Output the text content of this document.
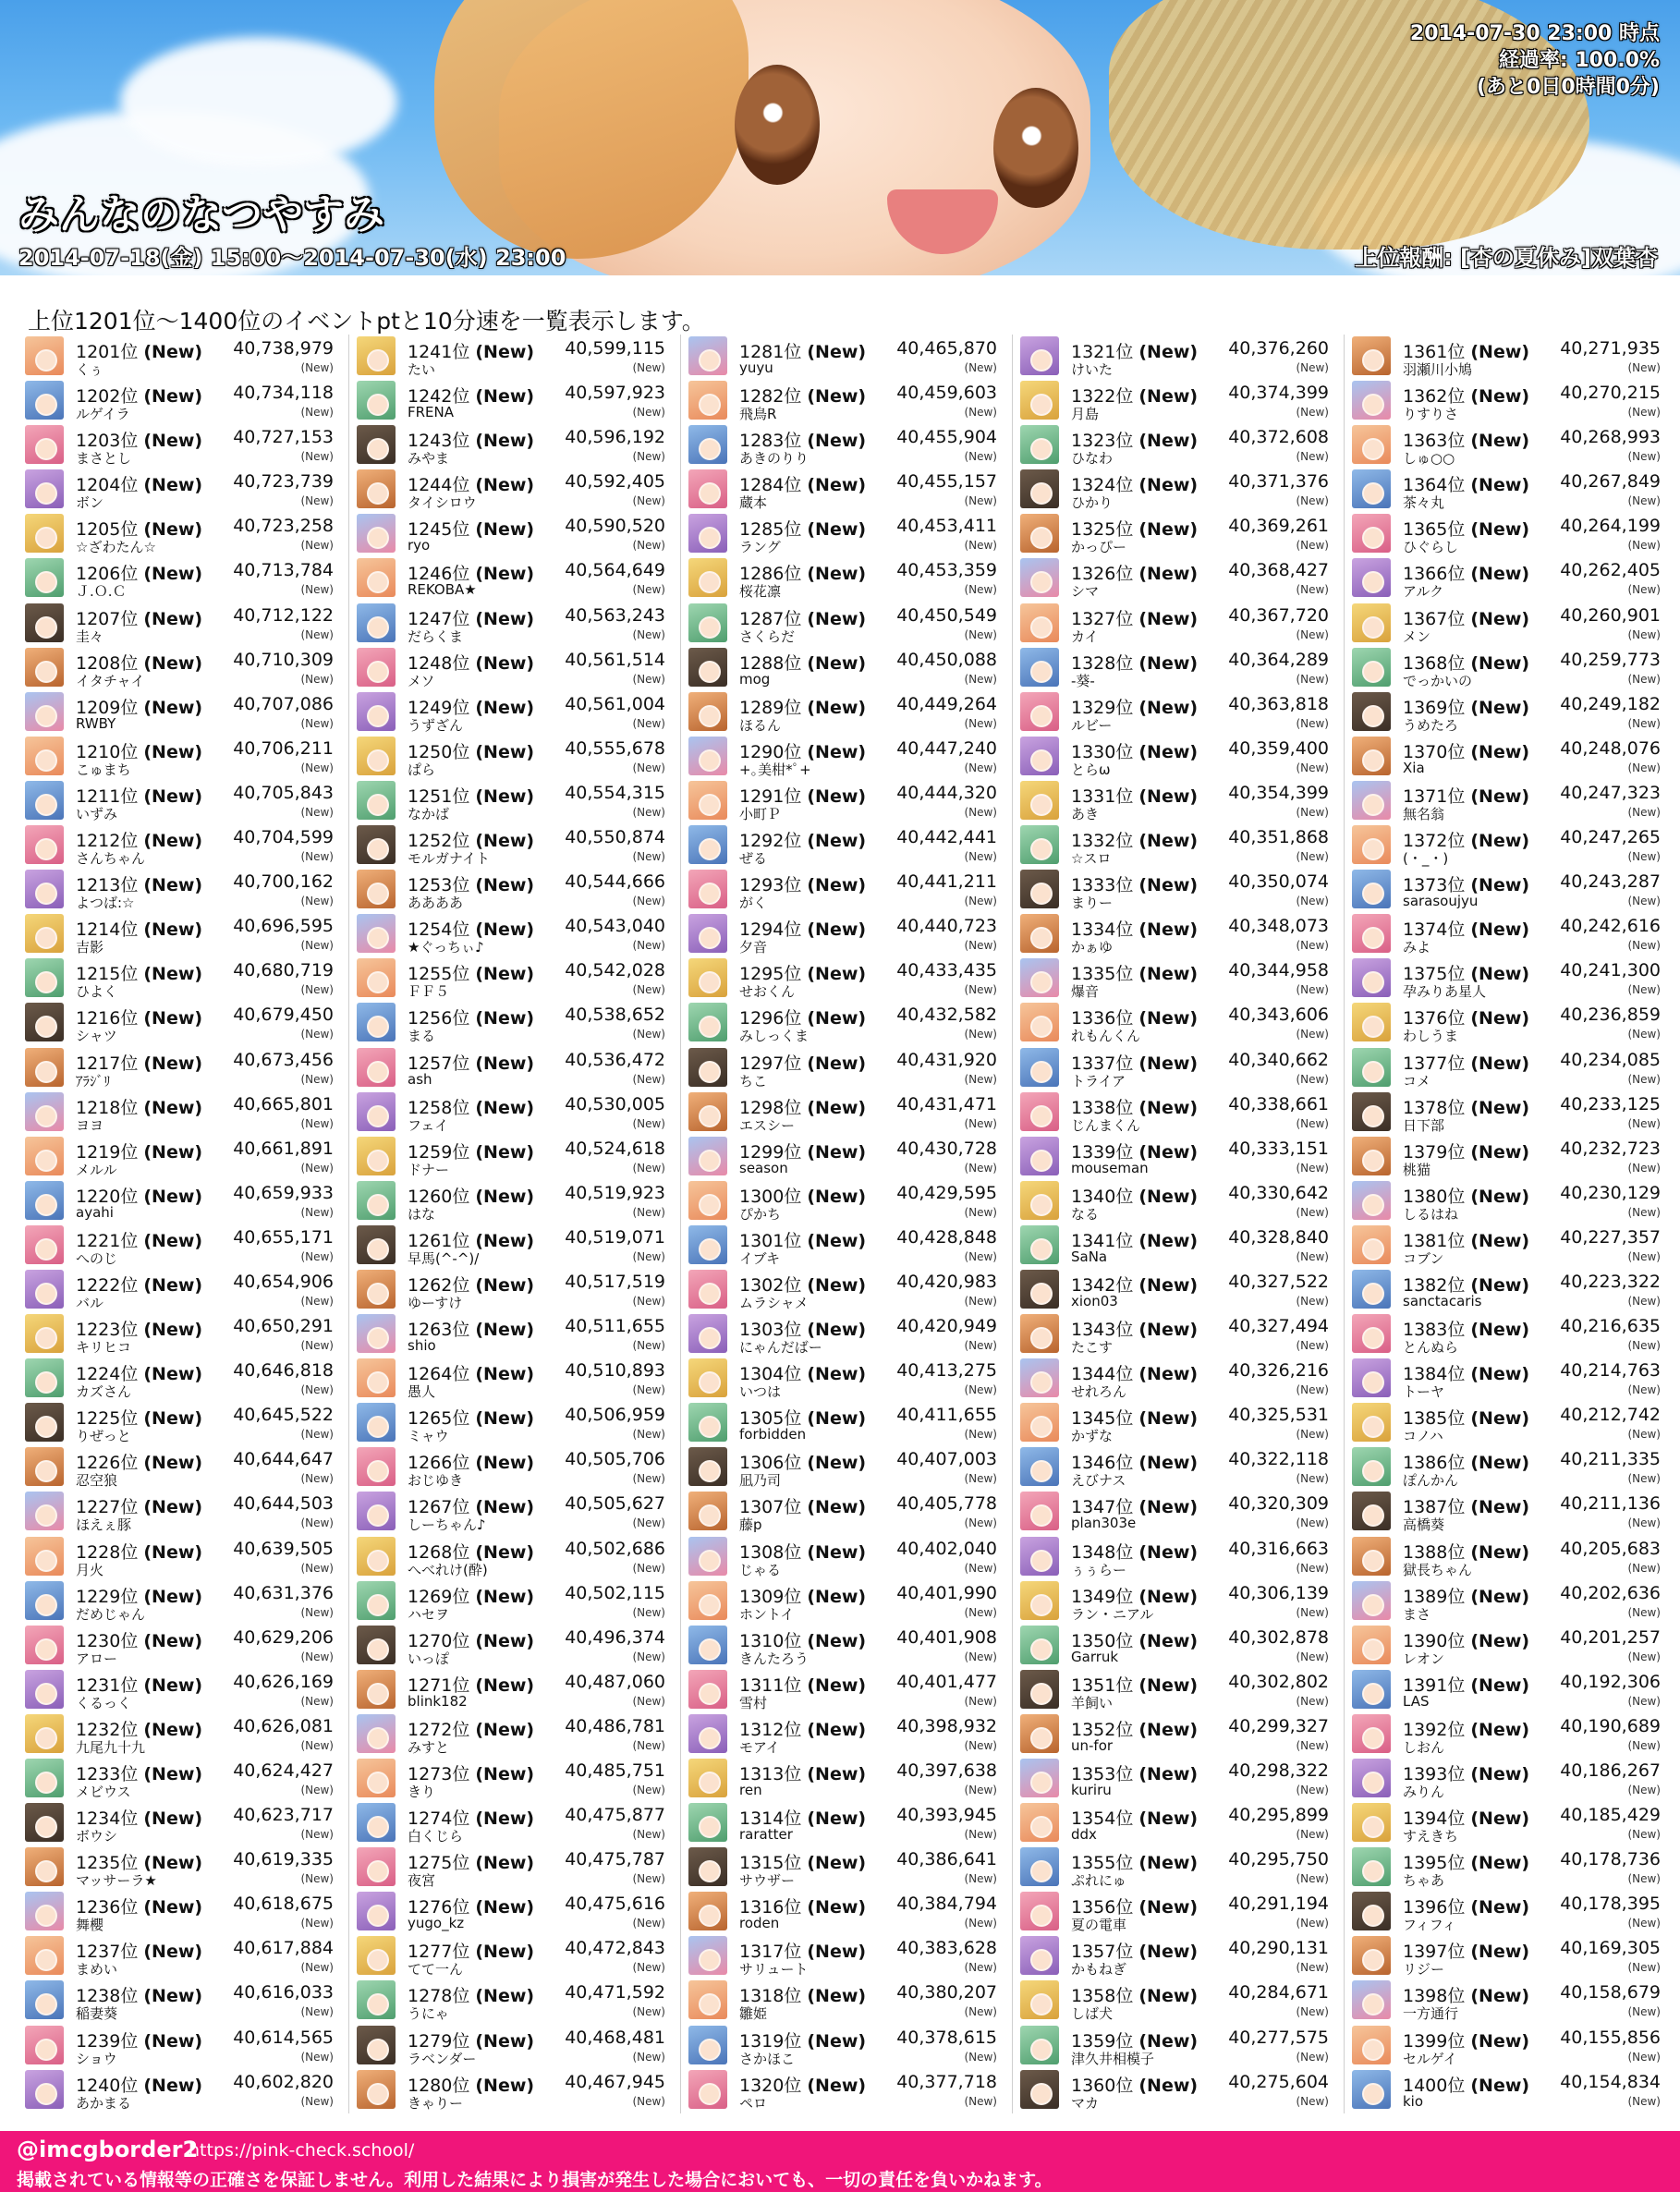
2014-07-30 23:00 時点
経過率: 100.0%
(あと0日0時間0分)
みんなのなつやすみ
2014-07-18(金) 15:00～2014-07-30(水) 23:00	上位報酬: [杏の夏休み]双葉杏
上位1201位～1400位のイベントptと10分速を一覧表示します。
1201位 (New) 40,738,979
くぅ	(New)
1202位 (New) 40,734,118
ルゲイラ	(New)
1203位 (New) 40,727,153
まさとし	(New)
1204位 (New) 40,723,739
ボン	(New)
1205位 (New) 40,723,258
☆ざわたん☆	(New)
1206位 (New) 40,713,784
Ｊ.Ｏ.Ｃ	(New)
1207位 (New) 40,712,122
圭々	(New)
1208位 (New) 40,710,309
イタチャイ	(New)
1209位 (New) 40,707,086
RWBY	(New)
1210位 (New) 40,706,211
こゅまち	(New)
1211位 (New) 40,705,843
いずみ	(New)
1212位 (New) 40,704,599
さんちゃん	(New)
1213位 (New) 40,700,162
よつば:☆	(New)
1214位 (New) 40,696,595
吉影	(New)
1215位 (New) 40,680,719
ひよく	(New)
1216位 (New) 40,679,450
シャツ	(New)
1217位 (New) 40,673,456
ｱﾗｼﾞﾘ	(New)
1218位 (New) 40,665,801
ヨヨ	(New)
1219位 (New) 40,661,891
メルル	(New)
1220位 (New) 40,659,933
ayahi	(New)
1221位 (New) 40,655,171
へのじ	(New)
1222位 (New) 40,654,906
バル	(New)
1223位 (New) 40,650,291
キリヒコ	(New)
1224位 (New) 40,646,818
カズさん	(New)
1225位 (New) 40,645,522
りぜっと	(New)
1226位 (New) 40,644,647
忍空狼	(New)
1227位 (New) 40,644,503
ほえぇ豚	(New)
1228位 (New) 40,639,505
月火	(New)
1229位 (New) 40,631,376
だめじゃん	(New)
1230位 (New) 40,629,206
アロー	(New)
1231位 (New) 40,626,169
くるっく	(New)
1232位 (New) 40,626,081
九尾九十九	(New)
1233位 (New) 40,624,427
メビウス	(New)
1234位 (New) 40,623,717
ボウシ	(New)
1235位 (New) 40,619,335
マッサーラ★	(New)
1236位 (New) 40,618,675
舞櫻	(New)
1237位 (New) 40,617,884
まめい	(New)
1238位 (New) 40,616,033
稲妻葵	(New)
1239位 (New) 40,614,565
ショウ	(New)
1240位 (New) 40,602,820
あかまる	(New)
1241位 (New) 40,599,115
たい	(New)
1242位 (New) 40,597,923
FRENA	(New)
1243位 (New) 40,596,192
みやま	(New)
1244位 (New) 40,592,405
タイシロウ	(New)
1245位 (New) 40,590,520
ryo	(New)
1246位 (New) 40,564,649
REKOBA★	(New)
1247位 (New) 40,563,243
だらくま	(New)
1248位 (New) 40,561,514
メソ	(New)
1249位 (New) 40,561,004
うずざん	(New)
1250位 (New) 40,555,678
ぱら	(New)
1251位 (New) 40,554,315
なかば	(New)
1252位 (New) 40,550,874
モルガナイト	(New)
1253位 (New) 40,544,666
ああああ	(New)
1254位 (New) 40,543,040
★ぐっちぃ♪	(New)
1255位 (New) 40,542,028
ＦＦ５	(New)
1256位 (New) 40,538,652
まる	(New)
1257位 (New) 40,536,472
ash	(New)
1258位 (New) 40,530,005
フェイ	(New)
1259位 (New) 40,524,618
ドナー	(New)
1260位 (New) 40,519,923
はな	(New)
1261位 (New) 40,519,071
早馬(^-^)/	(New)
1262位 (New) 40,517,519
ゆーすけ	(New)
1263位 (New) 40,511,655
shio	(New)
1264位 (New) 40,510,893
愚人	(New)
1265位 (New) 40,506,959
ミャウ	(New)
1266位 (New) 40,505,706
おじゆき	(New)
1267位 (New) 40,505,627
しーちゃん♪	(New)
1268位 (New) 40,502,686
へべれけ(酔)	(New)
1269位 (New) 40,502,115
ハセヲ	(New)
1270位 (New) 40,496,374
いっぽ	(New)
1271位 (New) 40,487,060
blink182	(New)
1272位 (New) 40,486,781
みすと	(New)
1273位 (New) 40,485,751
きり	(New)
1274位 (New) 40,475,877
白くじら	(New)
1275位 (New) 40,475,787
夜宮	(New)
1276位 (New) 40,475,616
yugo_kz	(New)
1277位 (New) 40,472,843
てて一ん	(New)
1278位 (New) 40,471,592
うにゃ	(New)
1279位 (New) 40,468,481
ラベンダー	(New)
1280位 (New) 40,467,945
きゃりー	(New)
1281位 (New) 40,465,870
yuyu	(New)
1282位 (New) 40,459,603
飛鳥R	(New)
1283位 (New) 40,455,904
あきのりり	(New)
1284位 (New) 40,455,157
蔵本	(New)
1285位 (New) 40,453,411
ラング	(New)
1286位 (New) 40,453,359
桜花凛	(New)
1287位 (New) 40,450,549
さくらだ	(New)
1288位 (New) 40,450,088
mog	(New)
1289位 (New) 40,449,264
ほるん	(New)
1290位 (New) 40,447,240
+｡美柑*ﾟ+	(New)
1291位 (New) 40,444,320
小町Ｐ	(New)
1292位 (New) 40,442,441
ぜる	(New)
1293位 (New) 40,441,211
がく	(New)
1294位 (New) 40,440,723
夕音	(New)
1295位 (New) 40,433,435
せおくん	(New)
1296位 (New) 40,432,582
みしっくま	(New)
1297位 (New) 40,431,920
ちこ	(New)
1298位 (New) 40,431,471
エスシー	(New)
1299位 (New) 40,430,728
season	(New)
1300位 (New) 40,429,595
ぴかち	(New)
1301位 (New) 40,428,848
イブキ	(New)
1302位 (New) 40,420,983
ムラシャメ	(New)
1303位 (New) 40,420,949
にゃんだばー	(New)
1304位 (New) 40,413,275
いつは	(New)
1305位 (New) 40,411,655
forbidden	(New)
1306位 (New) 40,407,003
凪乃司	(New)
1307位 (New) 40,405,778
藤p	(New)
1308位 (New) 40,402,040
じゃる	(New)
1309位 (New) 40,401,990
ホントイ	(New)
1310位 (New) 40,401,908
きんたろう	(New)
1311位 (New) 40,401,477
雪村	(New)
1312位 (New) 40,398,932
モアイ	(New)
1313位 (New) 40,397,638
ren	(New)
1314位 (New) 40,393,945
raratter	(New)
1315位 (New) 40,386,641
サウザー	(New)
1316位 (New) 40,384,794
roden	(New)
1317位 (New) 40,383,628
サリュート	(New)
1318位 (New) 40,380,207
雛姫	(New)
1319位 (New) 40,378,615
さかほこ	(New)
1320位 (New) 40,377,718
ペロ	(New)
1321位 (New) 40,376,260
けいた	(New)
1322位 (New) 40,374,399
月島	(New)
1323位 (New) 40,372,608
ひなわ	(New)
1324位 (New) 40,371,376
ひかり	(New)
1325位 (New) 40,369,261
かっぴー	(New)
1326位 (New) 40,368,427
シマ	(New)
1327位 (New) 40,367,720
カイ	(New)
1328位 (New) 40,364,289
-葵-	(New)
1329位 (New) 40,363,818
ルビー	(New)
1330位 (New) 40,359,400
とらω	(New)
1331位 (New) 40,354,399
あき	(New)
1332位 (New) 40,351,868
☆スロ	(New)
1333位 (New) 40,350,074
まりー	(New)
1334位 (New) 40,348,073
かぁゆ	(New)
1335位 (New) 40,344,958
爆音	(New)
1336位 (New) 40,343,606
れもんくん	(New)
1337位 (New) 40,340,662
トライア	(New)
1338位 (New) 40,338,661
じんまくん	(New)
1339位 (New) 40,333,151
mouseman	(New)
1340位 (New) 40,330,642
なる	(New)
1341位 (New) 40,328,840
SaNa	(New)
1342位 (New) 40,327,522
xion03	(New)
1343位 (New) 40,327,494
たこす	(New)
1344位 (New) 40,326,216
せれろん	(New)
1345位 (New) 40,325,531
かずな	(New)
1346位 (New) 40,322,118
えびナス	(New)
1347位 (New) 40,320,309
plan303e	(New)
1348位 (New) 40,316,663
ぅぅらー	(New)
1349位 (New) 40,306,139
ラン・ニアル	(New)
1350位 (New) 40,302,878
Garruk	(New)
1351位 (New) 40,302,802
羊飼い	(New)
1352位 (New) 40,299,327
un-for	(New)
1353位 (New) 40,298,322
kuriru	(New)
1354位 (New) 40,295,899
ddx	(New)
1355位 (New) 40,295,750
ぷれにゅ	(New)
1356位 (New) 40,291,194
夏の電車	(New)
1357位 (New) 40,290,131
かもねぎ	(New)
1358位 (New) 40,284,671
しば犬	(New)
1359位 (New) 40,277,575
津久井相模子	(New)
1360位 (New) 40,275,604
マカ	(New)
1361位 (New) 40,271,935
羽瀬川小鳩	(New)
1362位 (New) 40,270,215
りすりさ	(New)
1363位 (New) 40,268,993
しゅ○○	(New)
1364位 (New) 40,267,849
茶々丸	(New)
1365位 (New) 40,264,199
ひぐらし	(New)
1366位 (New) 40,262,405
アルク	(New)
1367位 (New) 40,260,901
メン	(New)
1368位 (New) 40,259,773
でっかいの	(New)
1369位 (New) 40,249,182
うめたろ	(New)
1370位 (New) 40,248,076
Xia	(New)
1371位 (New) 40,247,323
無名翁	(New)
1372位 (New) 40,247,265
(・_・)	(New)
1373位 (New) 40,243,287
sarasoujyu	(New)
1374位 (New) 40,242,616
みよ	(New)
1375位 (New) 40,241,300
孕みりあ星人	(New)
1376位 (New) 40,236,859
わしうま	(New)
1377位 (New) 40,234,085
コメ	(New)
1378位 (New) 40,233,125
日下部	(New)
1379位 (New) 40,232,723
桃猫	(New)
1380位 (New) 40,230,129
しるはね	(New)
1381位 (New) 40,227,357
コブン	(New)
1382位 (New) 40,223,322
sanctacaris	(New)
1383位 (New) 40,216,635
とんぬら	(New)
1384位 (New) 40,214,763
トーヤ	(New)
1385位 (New) 40,212,742
コノハ	(New)
1386位 (New) 40,211,335
ぽんかん	(New)
1387位 (New) 40,211,136
高橋葵	(New)
1388位 (New) 40,205,683
獄長ちゃん	(New)
1389位 (New) 40,202,636
まさ	(New)
1390位 (New) 40,201,257
レオン	(New)
1391位 (New) 40,192,306
LAS	(New)
1392位 (New) 40,190,689
しおん	(New)
1393位 (New) 40,186,267
みりん	(New)
1394位 (New) 40,185,429
すえきち	(New)
1395位 (New) 40,178,736
ちゃあ	(New)
1396位 (New) 40,178,395
フィフィ	(New)
1397位 (New) 40,169,305
リジー	(New)
1398位 (New) 40,158,679
一方通行	(New)
1399位 (New) 40,155,856
セルゲイ	(New)
1400位 (New) 40,154,834
kio	(New)
@imcgborder2
https://pink-check.school/
掲載されている情報等の正確さを保証しません。利用した結果により損害が発生した場合においても、一切の責任を負いかねます。
